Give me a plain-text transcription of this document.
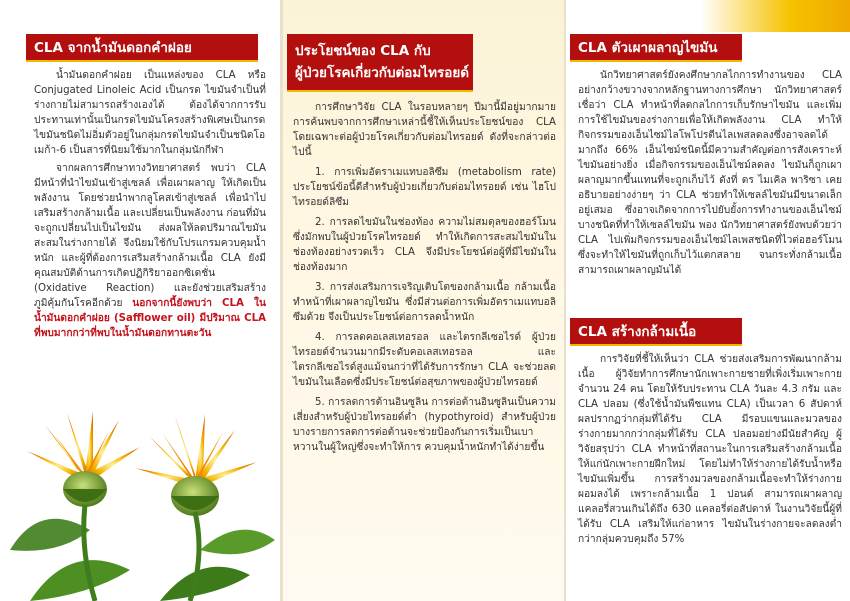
CLA จากน้ำมันดอกคำฝอย

น้ำมันดอกคำฝอย เป็นแหล่งของ CLA หรือ Conjugated Linoleic Acid เป็นกรด ไขมันจำเป็นที่ร่างกายไม่สามารถสร้างเองได้ ต้องได้จากการรับประทานเท่านั้นเป็นกรดไขมันโครงสร้างพิเศษเป็นกรดไขมันชนิดไม่อิ่มตัวอยู่ในกลุ่มกรดไขมันจำเป็นชนิดโอเมก้า-6 เป็นสารที่นิยมใช้มากในกลุ่มนักกีฬา

จากผลการศึกษาทางวิทยาศาสตร์ พบว่า CLA มีหน้าที่นำไขมันเข้าสู่เซลล์ เพื่อเผาผลาญ ให้เกิดเป็นพลังงาน โดยช่วยนำพากลูโคสเข้าสู่เซลล์ เพื่อนำไปเสริมสร้างกล้ามเนื้อ และเปลี่ยนเป็นพลังงาน ก่อนที่มันจะถูกเปลี่ยนไปเป็นไขมัน ส่งผลให้ลดปริมาณไขมันสะสมในร่างกายได้ จึงนิยมใช้กับโปรแกรมควบคุมน้ำหนัก และผู้ที่ต้องการเสริมสร้างกล้ามเนื้อ CLA ยังมีคุณสมบัติต้านการเกิดปฏิกิริยาออกซิเดชั่น (Oxidative Reaction) และยังช่วยเสริมสร้างภูมิคุ้มกันโรคอีกด้วย นอกจากนี้ยังพบว่า CLA ในน้ำมันดอกคำฝอย (Safflower oil) มีปริมาณ CLA ที่พบมากกว่าที่พบในน้ำมันดอกทานตะวัน

ประโยชน์ของ CLA กับ
ผู้ป่วยโรคเกี่ยวกับต่อมไทรอยด์

การศึกษาวิจัย CLA ในรอบหลายๆ ปีมานี้มีอยู่มากมาย การค้นพบจากการศึกษาเหล่านี้ชี้ให้เห็นประโยชน์ของ CLA โดยเฉพาะต่อผู้ป่วยโรคเกี่ยวกับต่อมไทรอยด์ ดังที่จะกล่าวต่อไปนี้

1. การเพิ่มอัตราเมแทบอลิซึม (metabolism rate) ประโยชน์ข้อนี้ดีสำหรับผู้ป่วยเกี่ยวกับต่อมไทรอยด์ เช่น ไฮโปไทรอยด์ลิซึม

2. การลดไขมันในช่องท้อง ความไม่สมดุลของฮอร์โมนซึ่งมักพบในผู้ป่วยโรคไทรอยด์ ทำให้เกิดการสะสมไขมันในช่องท้องอย่างรวดเร็ว CLA จึงมีประโยชน์ต่อผู้ที่มีไขมันในช่องท้องมาก

3. การส่งเสริมการเจริญเติบโตของกล้ามเนื้อ กล้ามเนื้อทำหน้าที่เผาผลาญไขมัน ซึ่งมีส่วนต่อการเพิ่มอัตราเมแทบอลิซึมด้วย จึงเป็นประโยชน์ต่อการลดน้ำหนัก

4. การลดคอเลสเทอรอล และไตรกลีเซอไรด์ ผู้ป่วยไทรอยด์จำนวนมากมีระดับคอเลสเทอรอล และไตรกลีเซอไรด์สูงแม้จนกว่าที่ได้รับการรักษา CLA จะช่วยลดไขมันในเลือดซึ่งมีประโยชน์ต่อสุขภาพของผู้ป่วยไทรอยด์

5. การลดการต้านอินซูลิน การต่อต้านอินซูลินเป็นความเสี่ยงสำหรับผู้ป่วยไทรอยด์ต่ำ (hypothyroid) สำหรับผู้ป่วยบางรายการลดการต่อต้านจะช่วยป้องกันการเริ่มเป็นเบาหวานในผู้ใหญ่ซึ่งจะทำให้การ ควบคุมน้ำหนักทำได้ง่ายขึ้น

CLA ตัวเผาผลาญไขมัน

นักวิทยาศาสตร์ยังคงศึกษากลไกการทำงานของ CLA อย่างกว้างขวางจากหลักฐานทางการศึกษา นักวิทยาศาสตร์เชื่อว่า CLA ทำหน้าที่ลดกลไกการเก็บรักษาไขมัน และเพิ่มการใช้ไขมันของร่างกายเพื่อให้เกิดพลังงาน CLA ทำให้กิจกรรมของเอ็นไซม์ไลโพโปรตีนไลเพสลดลงซึ่งอาจลดได้มากถึง 66% เอ็นไซม์ชนิดนี้มีความสำคัญต่อการสังเคราะห์ไขมันอย่างยิ่ง เมื่อกิจกรรมของเอ็นไซม์ลดลง ไขมันก็ถูกเผาผลาญมากขึ้นแทนที่จะถูกเก็บไว้ ดังที่ ดร ไมเคิล พาริซา เคยอธิบายอย่างง่ายๆ ว่า CLA ช่วยทำให้เซลล์ไขมันมีขนาดเล็กอยู่เสมอ ซึ่งอาจเกิดจากการไปยับยั้งการทำงานของเอ็นไซม์บางชนิดที่ทำให้เซลล์ไขมัน พอง นักวิทยาศาสตร์ยังพบด้วยว่า CLA ไปเพิ่มกิจกรรมของเอ็นไซม์ไลเพสชนิดที่ไวต่อฮอร์โมน ซึ่งจะทำให้ไขมันที่ถูกเก็บไว้แตกสลาย จนกระทั่งกล้ามเนื้อสามารถเผาผลาญมันได้

CLA สร้างกล้ามเนื้อ

การวิจัยที่ชี้ให้เห็นว่า CLA ช่วยส่งเสริมการพัฒนากล้ามเนื้อ ผู้วิจัยทำการศึกษานักเพาะกายชายที่เพิ่งเริ่มเพาะกาย จำนวน 24 คน โดยให้รับประทาน CLA วันละ 4.3 กรัม และ CLA ปลอม (ซึ่งใช้น้ำมันพืชแทน CLA) เป็นเวลา 6 สัปดาห์ ผลปรากฏว่ากลุ่มที่ได้รับ CLA มีรอบแขนและมวลของร่างกายมากกว่ากลุ่มที่ได้รับ CLA ปลอมอย่างมีนัยสำคัญ ผู้วิจัยสรุปว่า CLA ทำหน้าที่สถานะในการเสริมสร้างกล้ามเนื้อให้แก่นักเพาะกายฝึกใหม่ โดยไม่ทำให้ร่างกายได้รับน้ำหรือไขมันเพิ่มขึ้น การสร้างมวลของกล้ามเนื้อจะทำให้ร่างกายผอมลงได้ เพราะกล้ามเนื้อ 1 ปอนด์ สามารถเผาผลาญแคลอรี่สวนเกินได้ถึง 630 แคลอรี่ต่อสัปดาห์ ในงานวิจัยนี้ผู้ที่ได้รับ CLA เสริมให้แก่อาหาร ไขมันในร่างกายจะลดลงต่ำกว่ากลุ่มควบคุมถึง 57%
